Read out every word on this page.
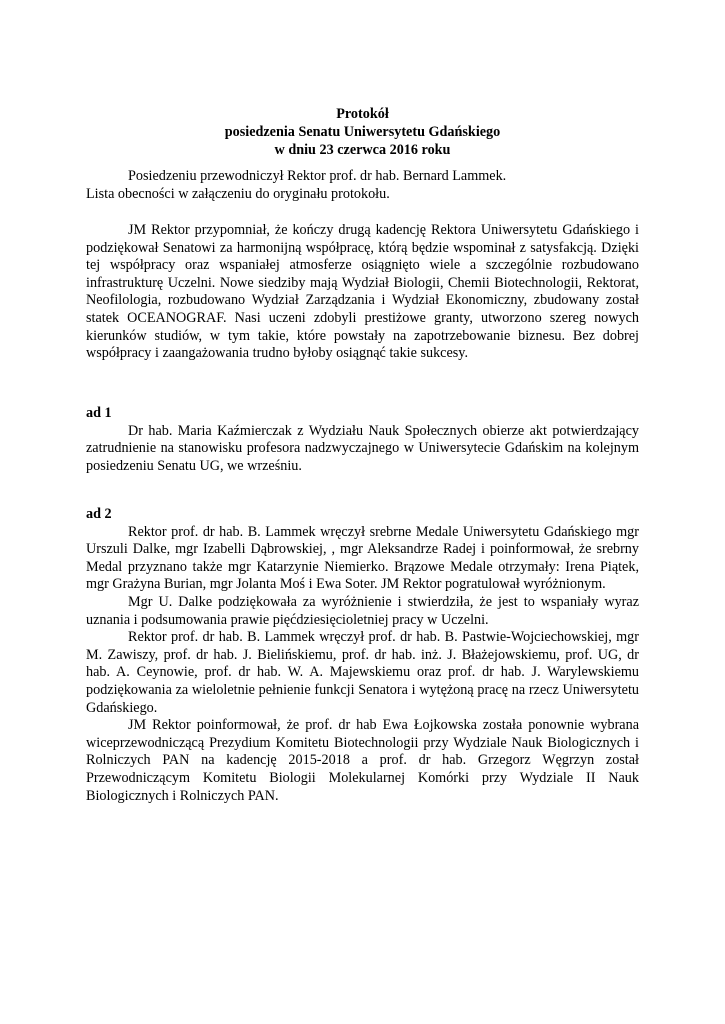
Protokół
posiedzenia Senatu Uniwersytetu Gdańskiego
w dniu 23 czerwca 2016 roku

Posiedzeniu przewodniczył Rektor prof. dr hab. Bernard Lammek.

Lista obecności w załączeniu do oryginału protokołu.

JM Rektor przypomniał, że kończy drugą kadencję Rektora Uniwersytetu Gdańskiego i podziękował Senatowi za harmonijną współpracę, którą będzie wspominał z satysfakcją. Dzięki tej współpracy oraz wspaniałej atmosferze osiągnięto wiele a szczególnie rozbudowano infrastrukturę Uczelni. Nowe siedziby mają Wydział Biologii, Chemii Biotechnologii, Rektorat, Neofilologia, rozbudowano Wydział Zarządzania i Wydział Ekonomiczny, zbudowany został statek OCEANOGRAF. Nasi uczeni zdobyli prestiżowe granty, utworzono szereg nowych kierunków studiów, w tym takie, które powstały na zapotrzebowanie biznesu. Bez dobrej współpracy i zaangażowania trudno byłoby osiągnąć takie sukcesy.

ad 1

Dr hab. Maria Kaźmierczak z Wydziału Nauk Społecznych obierze akt potwierdzający zatrudnienie na stanowisku profesora nadzwyczajnego w Uniwersytecie Gdańskim na kolejnym posiedzeniu Senatu UG, we wrześniu.

ad 2

Rektor prof. dr hab. B. Lammek wręczył srebrne Medale Uniwersytetu Gdańskiego mgr Urszuli Dalke, mgr Izabelli Dąbrowskiej, , mgr Aleksandrze Radej i poinformował, że srebrny Medal przyznano także mgr Katarzynie Niemierko. Brązowe Medale otrzymały: Irena Piątek, mgr Grażyna Burian, mgr Jolanta Moś i Ewa Soter. JM Rektor pogratulował wyróżnionym.

Mgr U. Dalke podziękowała za wyróżnienie i stwierdziła, że jest to wspaniały wyraz uznania i podsumowania prawie pięćdziesięcioletniej pracy w Uczelni.

Rektor prof. dr hab. B. Lammek wręczył prof. dr hab. B. Pastwie-Wojciechowskiej, mgr M. Zawiszy, prof. dr hab. J. Bielińskiemu, prof. dr hab. inż. J. Błażejowskiemu, prof. UG, dr hab. A. Ceynowie, prof. dr hab. W. A. Majewskiemu oraz prof. dr hab. J. Warylewskiemu podziękowania za wieloletnie pełnienie funkcji Senatora i wytężoną pracę na rzecz Uniwersytetu Gdańskiego.

JM Rektor poinformował, że prof. dr hab Ewa Łojkowska została ponownie wybrana wiceprzewodniczącą Prezydium Komitetu Biotechnologii przy Wydziale Nauk Biologicznych i Rolniczych PAN na kadencję 2015-2018 a prof. dr hab. Grzegorz Węgrzyn został Przewodniczącym Komitetu Biologii Molekularnej Komórki przy Wydziale II Nauk Biologicznych i Rolniczych PAN.
